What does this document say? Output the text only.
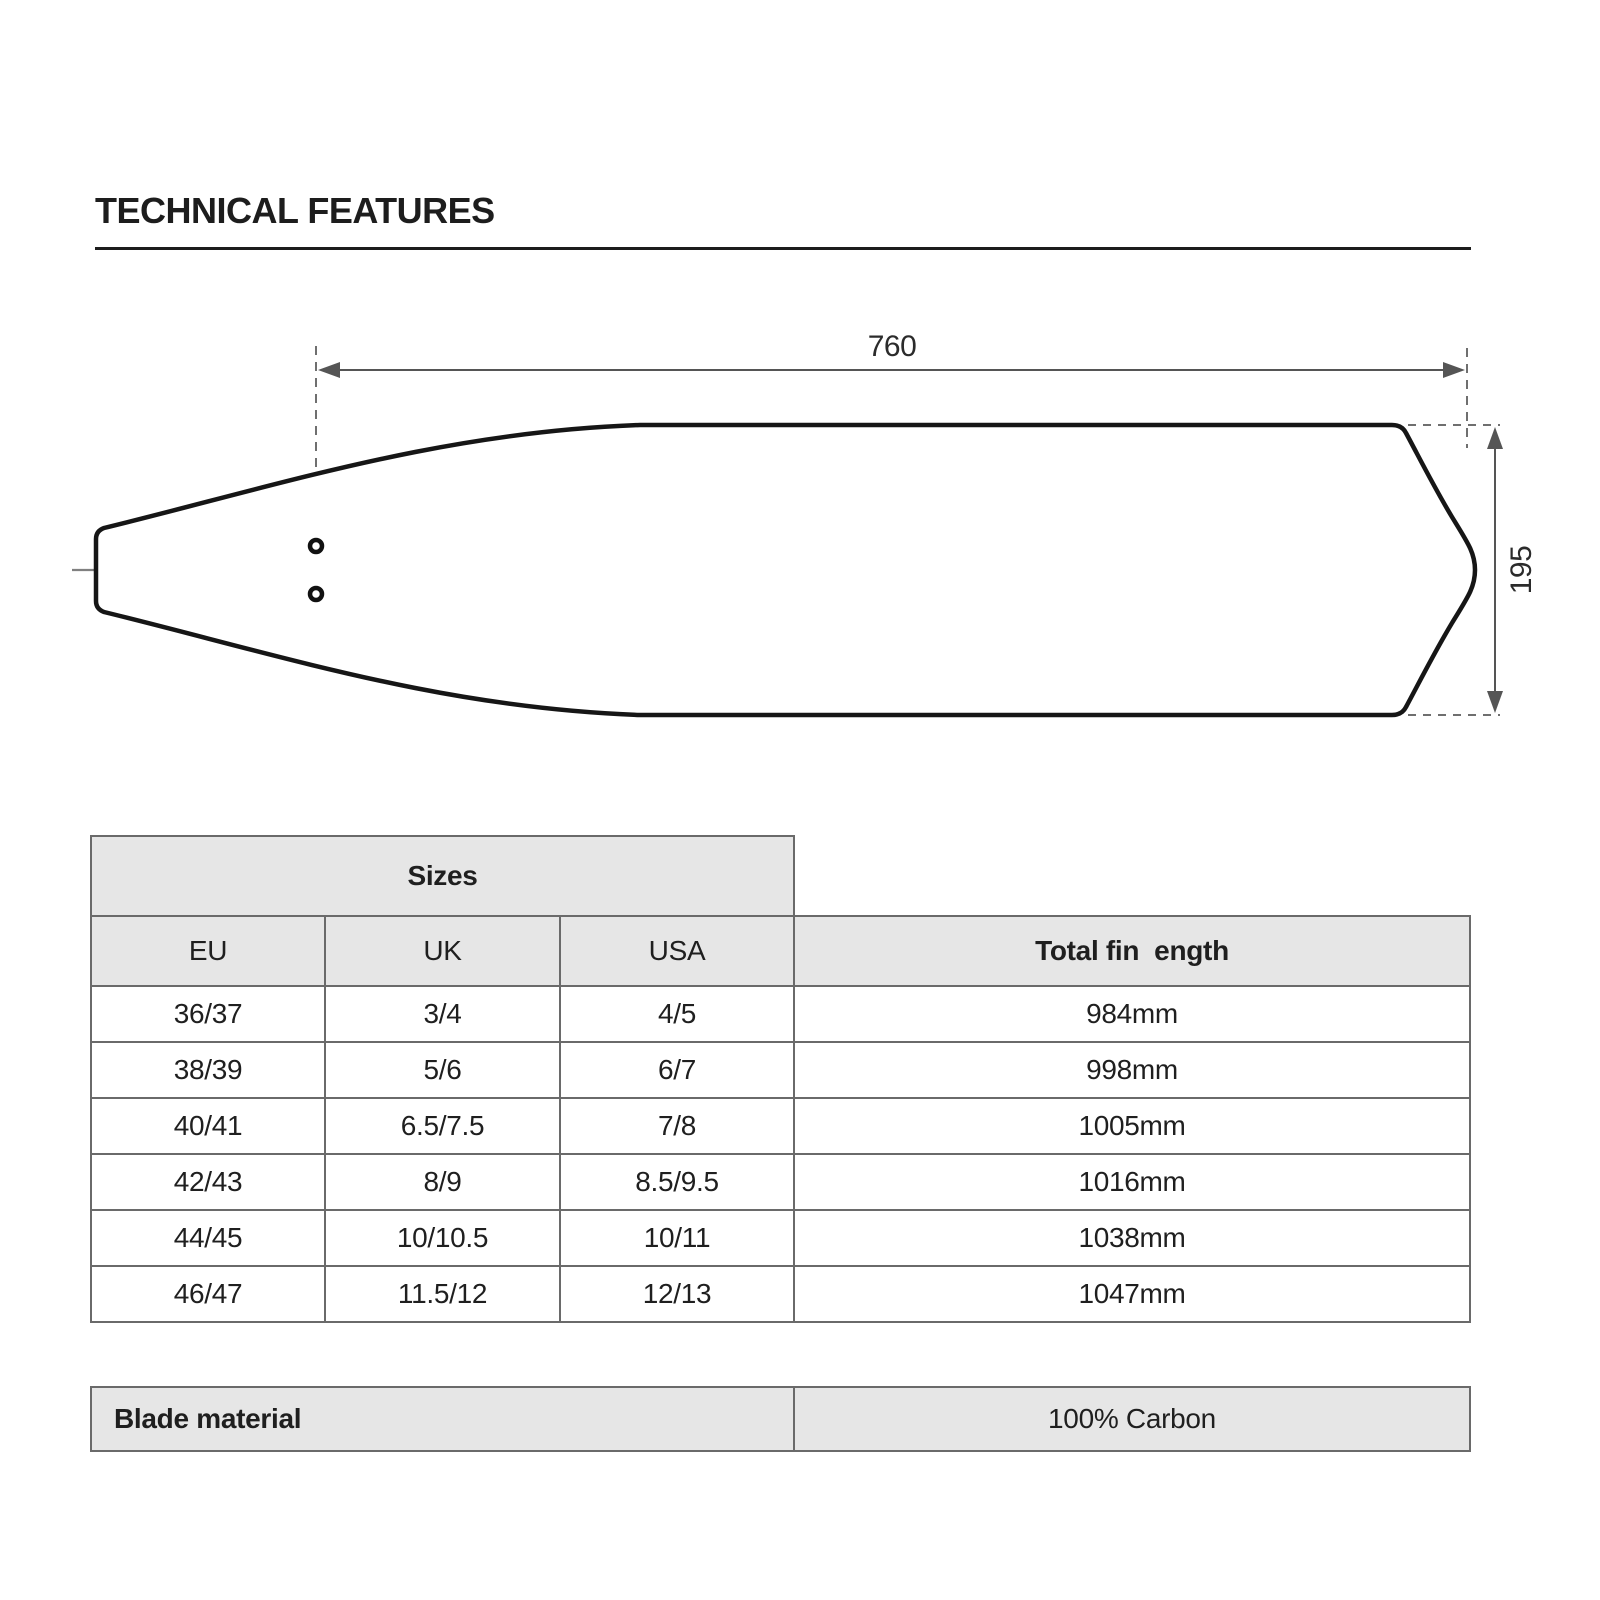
TECHNICAL FEATURES
760
195
Sizes			
EU	UK	USA	Total fin  ength
36/37	3/4	4/5	984mm
38/39	5/6	6/7	998mm
40/41	6.5/7.5	7/8	1005mm
42/43	8/9	8.5/9.5	1016mm
44/45	10/10.5	10/11	1038mm
46/47	11.5/12	12/13	1047mm
Blade material	100% Carbon
